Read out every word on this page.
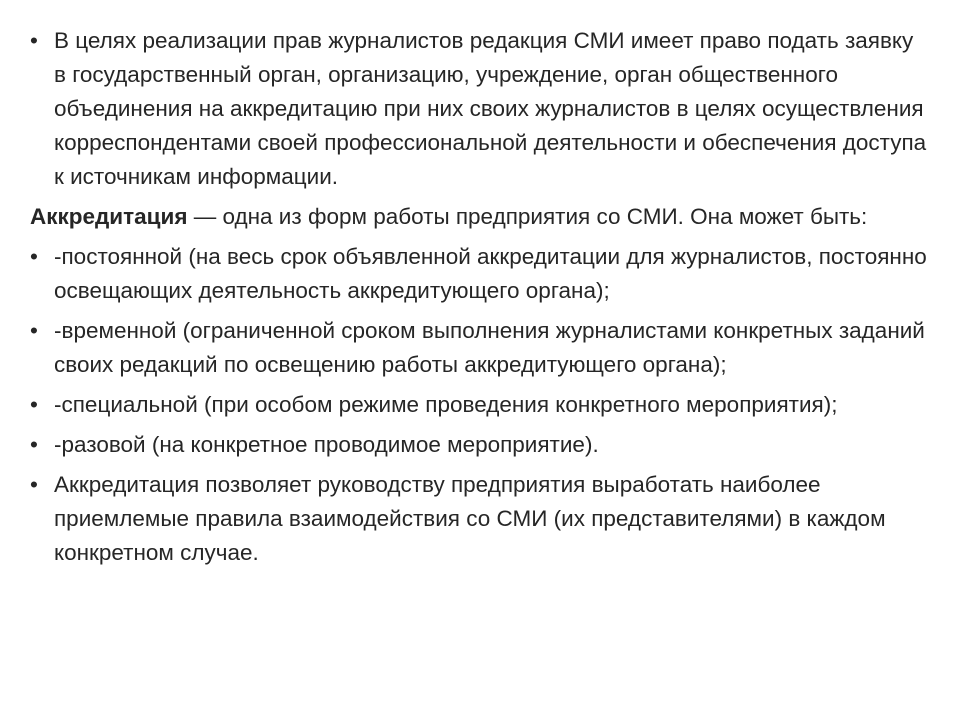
• В целях реализации прав журналистов редакция СМИ имеет право подать заявку в государственный орган, организацию, учреждение, орган общественного объединения на аккредитацию при них своих журналистов в целях осуществления корреспондентами своей профессиональной деятельности и обеспечения доступа к источникам информации.
Аккредитация — одна из форм работы предприятия со СМИ. Она может быть:
• -постоянной (на весь срок объявленной аккредитации для журналистов, постоянно освещающих деятельность аккредитующего органа);
• -временной (ограниченной сроком выполнения журналистами конкретных заданий своих редакций по освещению работы аккредитующего органа);
• -специальной (при особом режиме проведения конкретного мероприятия);
• -разовой (на конкретное проводимое мероприятие).
• Аккредитация позволяет руководству предприятия выработать наиболее приемлемые правила взаимодействия со СМИ (их представителями) в каждом конкретном случае.
